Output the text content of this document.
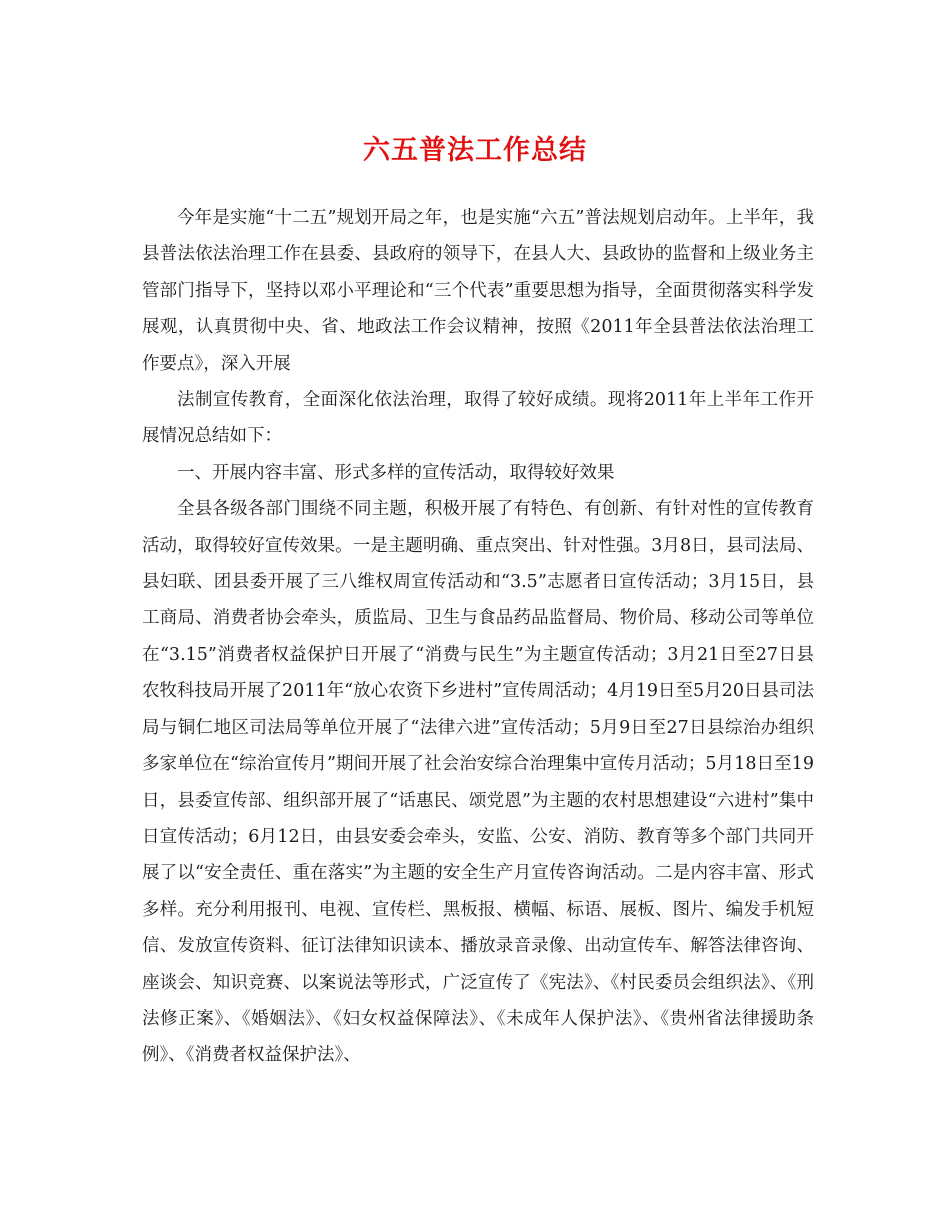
六五普法工作总结

今年是实施“十二五”规划开局之年，也是实施“六五”普法规划启动年。上半年，我县普法依法治理工作在县委、县政府的领导下，在县人大、县政协的监督和上级业务主管部门指导下，坚持以邓小平理论和“三个代表”重要思想为指导，全面贯彻落实科学发展观，认真贯彻中央、省、地政法工作会议精神，按照《2011年全县普法依法治理工作要点》，深入开展

法制宣传教育，全面深化依法治理，取得了较好成绩。现将2011年上半年工作开展情况总结如下：

一、开展内容丰富、形式多样的宣传活动，取得较好效果

全县各级各部门围绕不同主题，积极开展了有特色、有创新、有针对性的宣传教育活动，取得较好宣传效果。一是主题明确、重点突出、针对性强。3月8日，县司法局、县妇联、团县委开展了三八维权周宣传活动和“3.5”志愿者日宣传活动；3月15日，县工商局、消费者协会牵头，质监局、卫生与食品药品监督局、物价局、移动公司等单位在“3.15”消费者权益保护日开展了“消费与民生”为主题宣传活动；3月21日至27日县农牧科技局开展了2011年“放心农资下乡进村”宣传周活动；4月19日至5月20日县司法局与铜仁地区司法局等单位开展了“法律六进”宣传活动；5月9日至27日县综治办组织多家单位在“综治宣传月”期间开展了社会治安综合治理集中宣传月活动；5月18日至19日，县委宣传部、组织部开展了“话惠民、颂党恩”为主题的农村思想建设“六进村”集中日宣传活动；6月12日，由县安委会牵头，安监、公安、消防、教育等多个部门共同开展了以“安全责任、重在落实”为主题的安全生产月宣传咨询活动。二是内容丰富、形式多样。充分利用报刊、电视、宣传栏、黑板报、横幅、标语、展板、图片、编发手机短信、发放宣传资料、征订法律知识读本、播放录音录像、出动宣传车、解答法律咨询、座谈会、知识竞赛、以案说法等形式，广泛宣传了《宪法》、《村民委员会组织法》、《刑法修正案》、《婚姻法》、《妇女权益保障法》、《未成年人保护法》、《贵州省法律援助条例》、《消费者权益保护法》、
